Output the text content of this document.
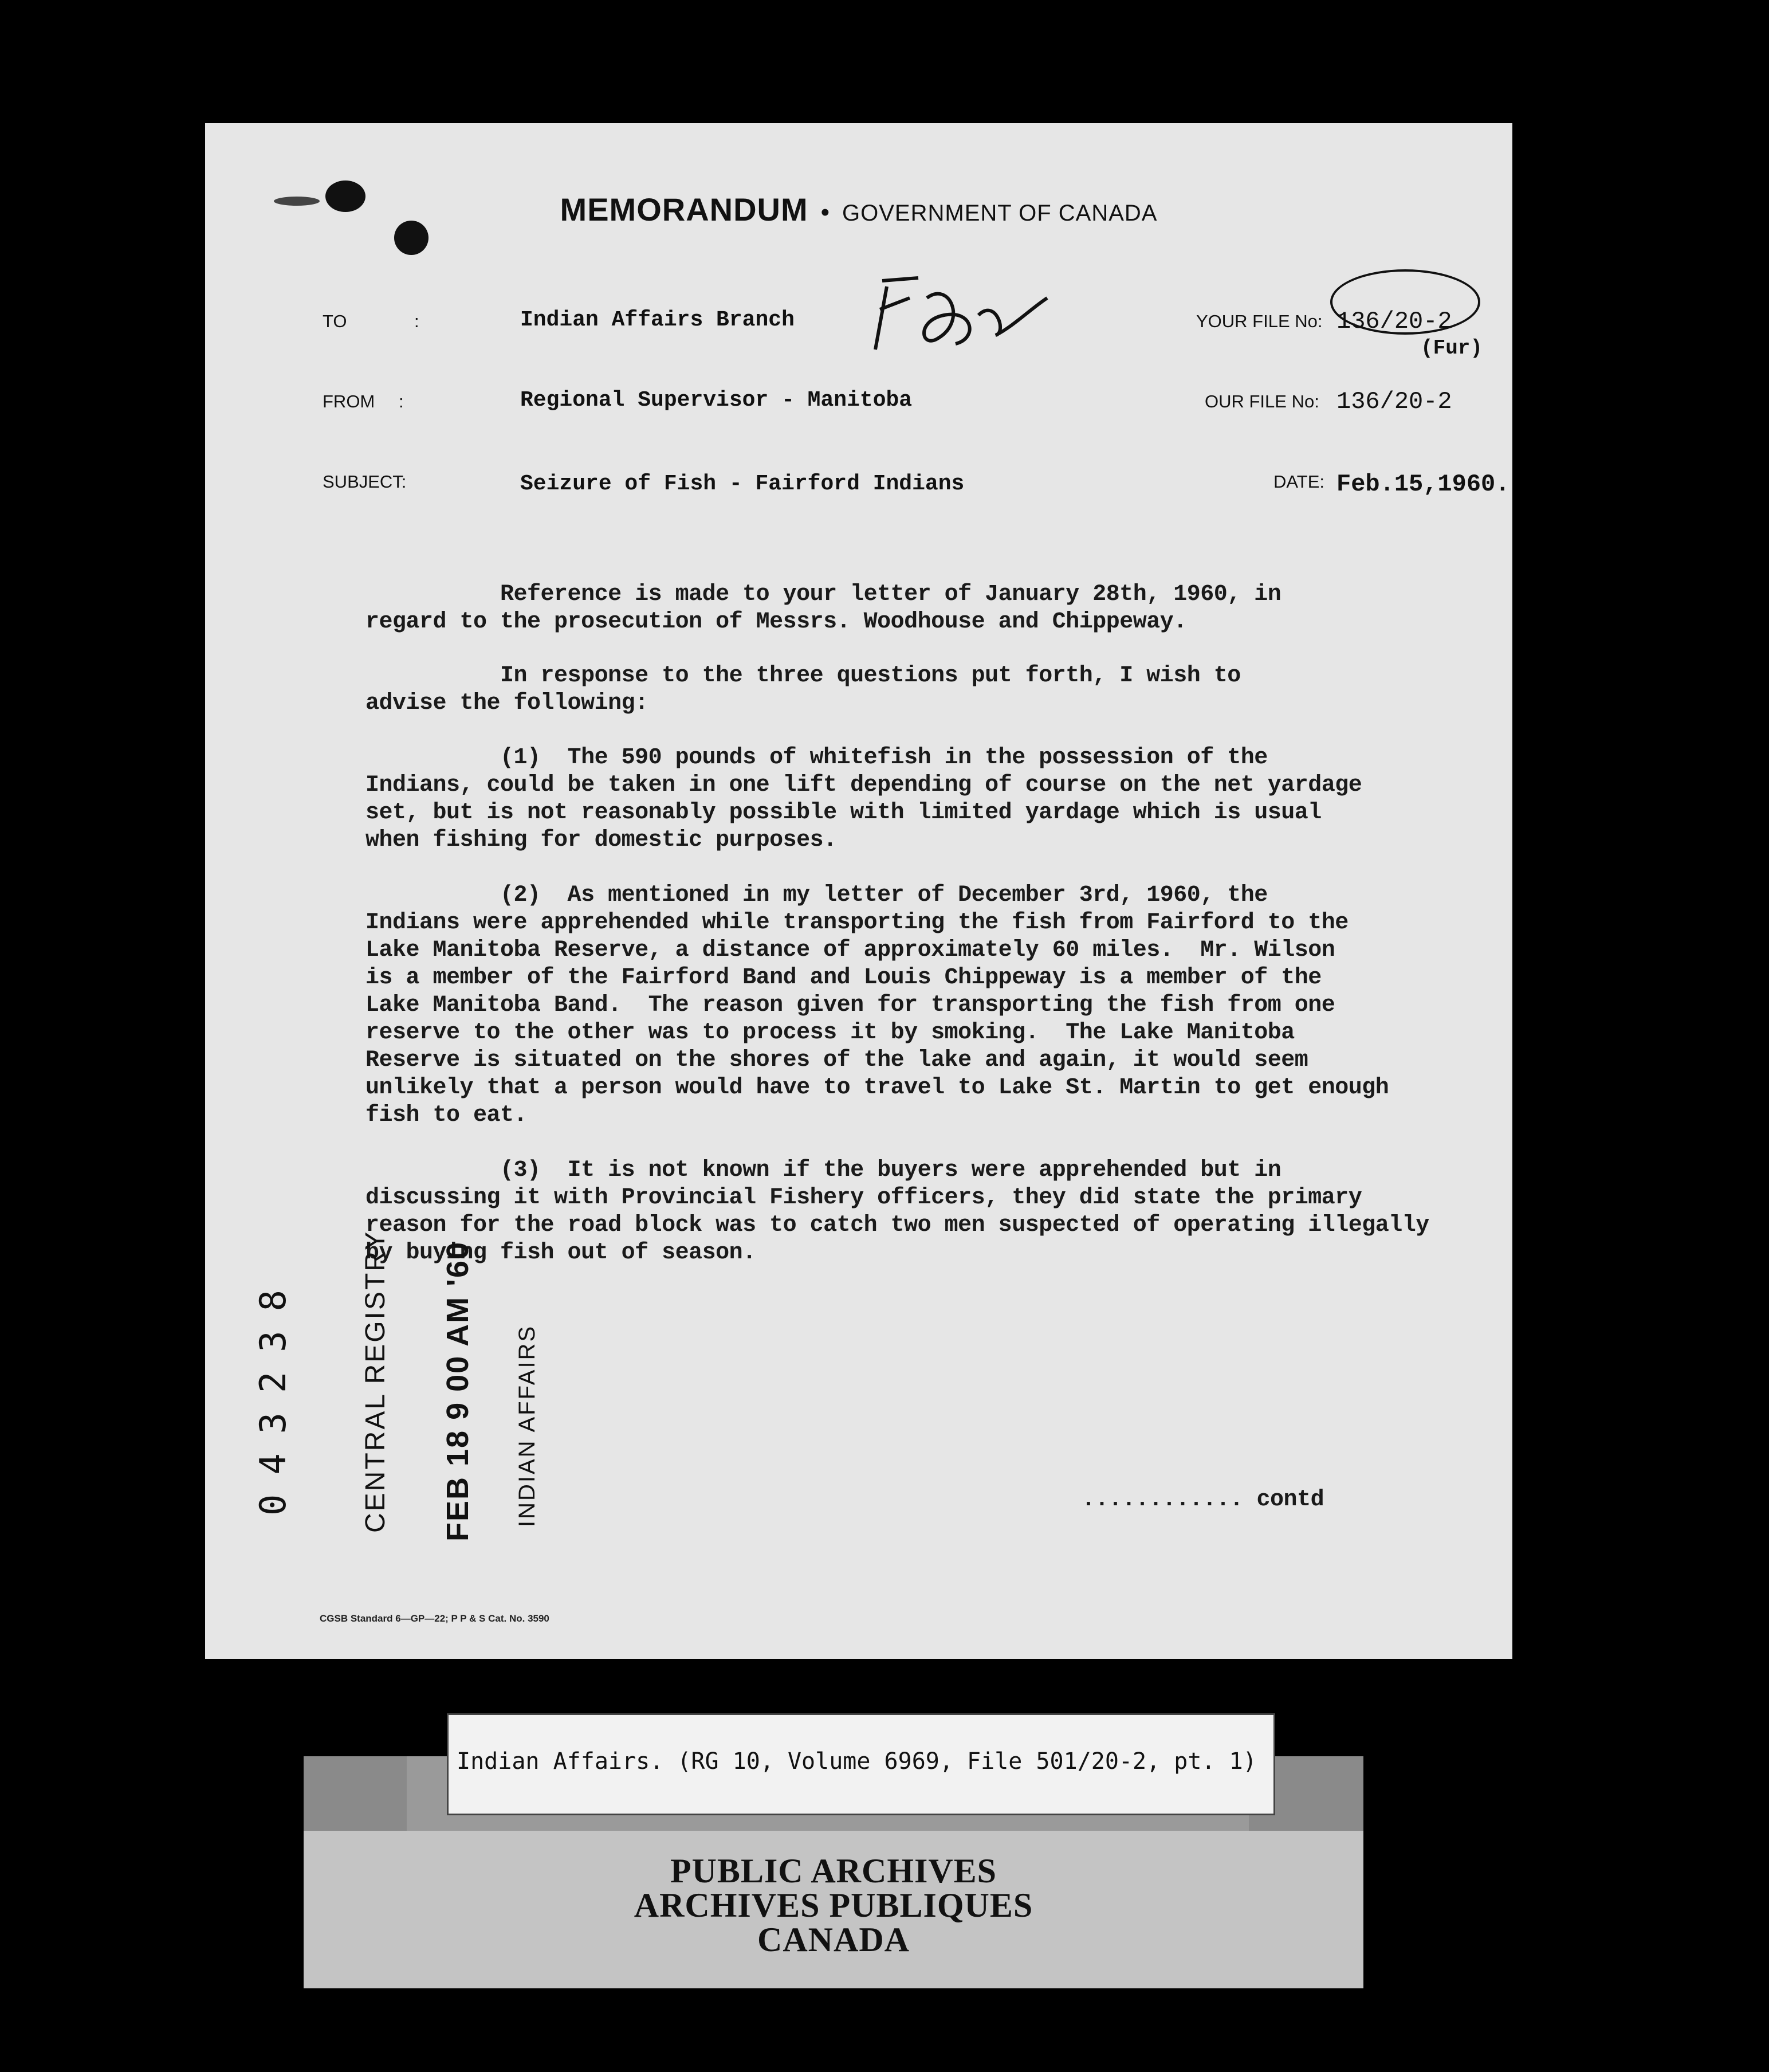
MEMORANDUM • GOVERNMENT OF CANADA
TO	:	Indian Affairs Branch	YOUR FILE No: 136/20-2
(Fur)
FROM :	Regional Supervisor - Manitoba	OUR FILE No: 136/20-2
SUBJECT:	Seizure of Fish - Fairford Indians	DATE: Feb.15,1960.
Reference is made to your letter of January 28th, 1960, in
regard to the prosecution of Messrs. Woodhouse and Chippeway.
In response to the three questions put forth, I wish to
advise the following:
(1)  The 590 pounds of whitefish in the possession of the
Indians, could be taken in one lift depending of course on the net yardage
set, but is not reasonably possible with limited yardage which is usual
when fishing for domestic purposes.
(2)  As mentioned in my letter of December 3rd, 1960, the
Indians were apprehended while transporting the fish from Fairford to the
Lake Manitoba Reserve, a distance of approximately 60 miles.  Mr. Wilson
is a member of the Fairford Band and Louis Chippeway is a member of the
Lake Manitoba Band.  The reason given for transporting the fish from one
reserve to the other was to process it by smoking.  The Lake Manitoba
Reserve is situated on the shores of the lake and again, it would seem
unlikely that a person would have to travel to Lake St. Martin to get enough
fish to eat.
(3)  It is not known if the buyers were apprehended but in
discussing it with Provincial Fishery officers, they did state the primary
reason for the road block was to catch two men suspected of operating illegally
by buying fish out of season.
............ contd
043238 CENTRAL REGISTRY FEB 18 9 00 AM '60 INDIAN AFFAIRS
CGSB Standard 6—GP—22; P P & S Cat. No. 3590
PUBLIC ARCHIVES
ARCHIVES PUBLIQUES
CANADA
Indian Affairs. (RG 10, Volume 6969, File 501/20-2, pt. 1)
